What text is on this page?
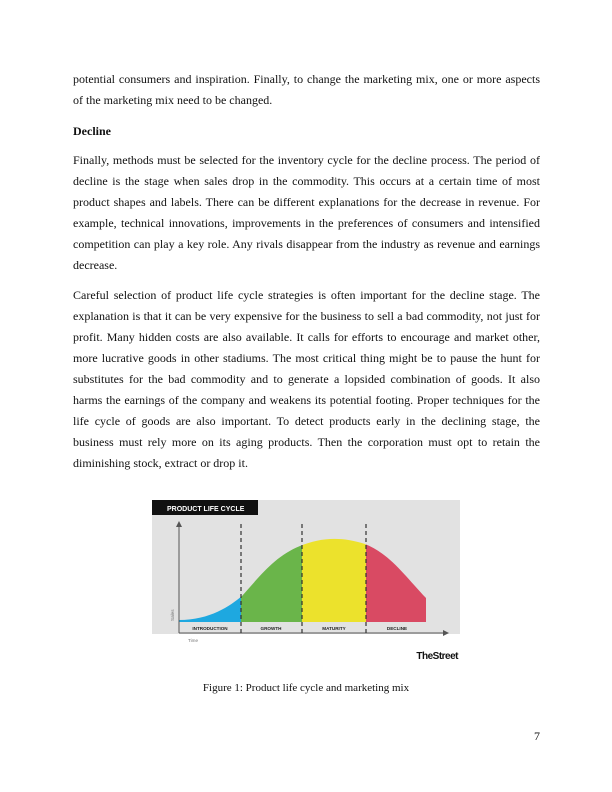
potential consumers and inspiration. Finally, to change the marketing mix, one or more aspects of the marketing mix need to be changed.

Decline

Finally, methods must be selected for the inventory cycle for the decline process. The period of decline is the stage when sales drop in the commodity. This occurs at a certain time of most product shapes and labels. There can be different explanations for the decrease in revenue. For example, technical innovations, improvements in the preferences of consumers and intensified competition can play a key role. Any rivals disappear from the industry as revenue and earnings decrease.

Careful selection of product life cycle strategies is often important for the decline stage. The explanation is that it can be very expensive for the business to sell a bad commodity, not just for profit. Many hidden costs are also available. It calls for efforts to encourage and market other, more lucrative goods in other stadiums. The most critical thing might be to pause the hunt for substitutes for the bad commodity and to generate a lopsided combination of goods. It also harms the earnings of the company and weakens its potential footing. Proper techniques for the life cycle of goods are also important. To detect products early in the declining stage, the business must rely more on its aging products. Then the corporation must opt to retain the diminishing stock, extract or drop it.

PRODUCT LIFE CYCLE
INTRODUCTION	GROWTH	MATURITY	DECLINE
Sales
Time
TheStreet

Figure 1: Product life cycle and marketing mix

7
